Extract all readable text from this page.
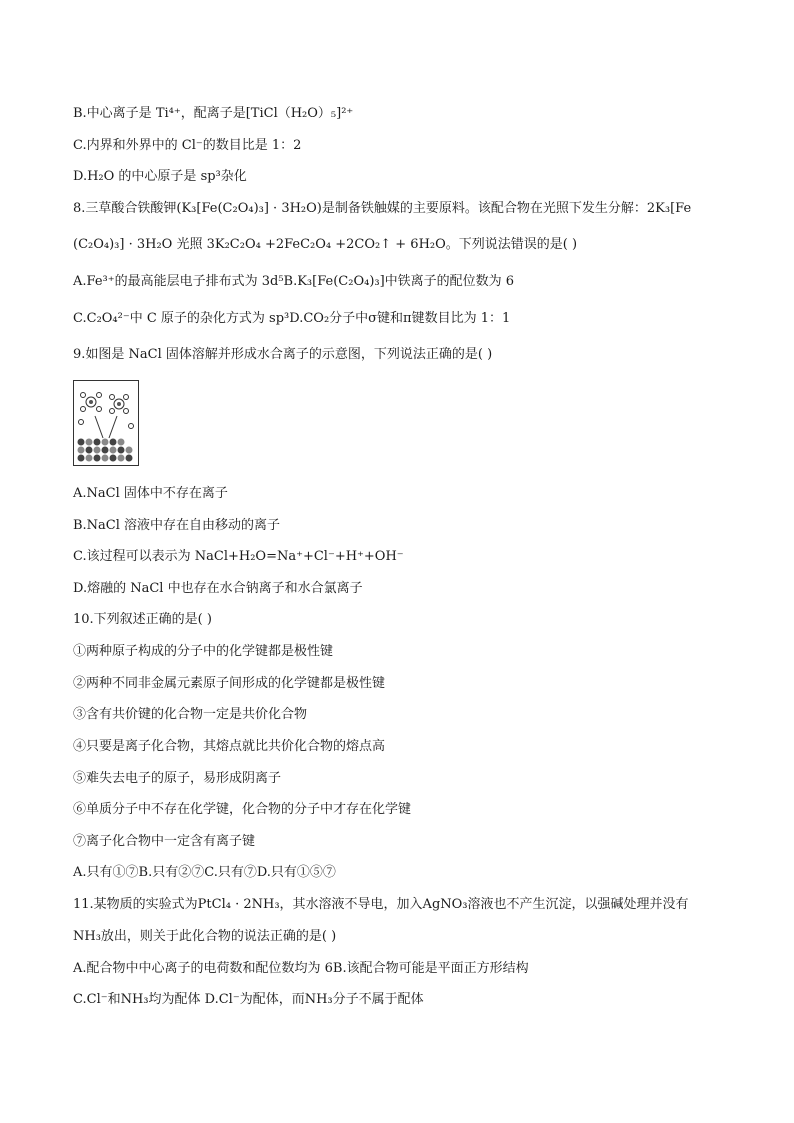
B.中心离子是 Ti⁴⁺，配离子是[TiCl（H₂O）₅]²⁺
C.内界和外界中的 Cl⁻的数目比是 1：2
D.H₂O 的中心原子是 sp³杂化
8.三草酸合铁酸钾(K₃[Fe(C₂O₄)₃] · 3H₂O)是制备铁触媒的主要原料。该配合物在光照下发生分解：2K₃[Fe
(C₂O₄)₃] · 3H₂O 光照 3K₂C₂O₄ +2FeC₂O₄ +2CO₂↑ + 6H₂O。下列说法错误的是( )
A.Fe³⁺的最高能层电子排布式为 3d⁵B.K₃[Fe(C₂O₄)₃]中铁离子的配位数为 6
C.C₂O₄²⁻中 C 原子的杂化方式为 sp³D.CO₂分子中σ键和π键数目比为 1：1
9.如图是 NaCl 固体溶解并形成水合离子的示意图，下列说法正确的是( )
A.NaCl 固体中不存在离子
B.NaCl 溶液中存在自由移动的离子
C.该过程可以表示为 NaCl+H₂O=Na⁺+Cl⁻+H⁺+OH⁻
D.熔融的 NaCl 中也存在水合钠离子和水合氯离子
10.下列叙述正确的是( )
①两种原子构成的分子中的化学键都是极性键
②两种不同非金属元素原子间形成的化学键都是极性键
③含有共价键的化合物一定是共价化合物
④只要是离子化合物，其熔点就比共价化合物的熔点高
⑤难失去电子的原子，易形成阴离子
⑥单质分子中不存在化学键，化合物的分子中才存在化学键
⑦离子化合物中一定含有离子键
A.只有①⑦B.只有②⑦C.只有⑦D.只有①⑤⑦
11.某物质的实验式为PtCl₄ · 2NH₃，其水溶液不导电，加入AgNO₃溶液也不产生沉淀，以强碱处理并没有
NH₃放出，则关于此化合物的说法正确的是( )
A.配合物中中心离子的电荷数和配位数均为 6B.该配合物可能是平面正方形结构
C.Cl⁻和NH₃均为配体 D.Cl⁻为配体，而NH₃分子不属于配体
